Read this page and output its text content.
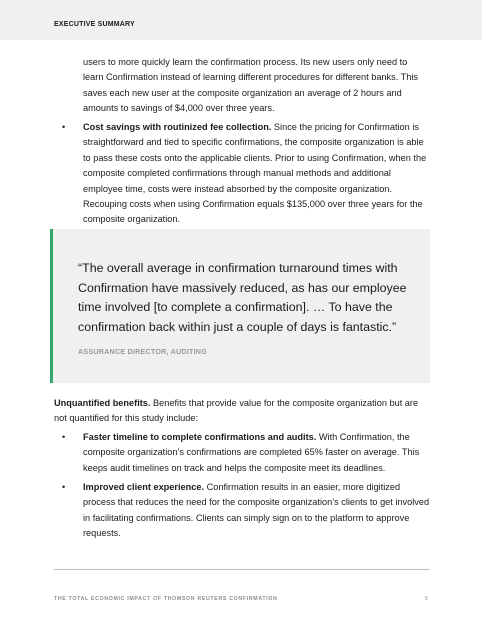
EXECUTIVE SUMMARY

users to more quickly learn the confirmation process. Its new users only need to learn Confirmation instead of learning different procedures for different banks. This saves each new user at the composite organization an average of 2 hours and amounts to savings of $4,000 over three years.

• Cost savings with routinized fee collection. Since the pricing for Confirmation is straightforward and tied to specific confirmations, the composite organization is able to pass these costs onto the applicable clients. Prior to using Confirmation, when the composite completed confirmations through manual methods and additional employee time, costs were instead absorbed by the composite organization. Recouping costs when using Confirmation equals $135,000 over three years for the composite organization.
“The overall average in confirmation turnaround times with Confirmation have massively reduced, as has our employee time involved [to complete a confirmation]. … To have the confirmation back within just a couple of days is fantastic.”
ASSURANCE DIRECTOR, AUDITING

Unquantified benefits. Benefits that provide value for the composite organization but are not quantified for this study include:

• Faster timeline to complete confirmations and audits. With Confirmation, the composite organization’s confirmations are completed 65% faster on average. This keeps audit timelines on track and helps the composite meet its deadlines.
• Improved client experience. Confirmation results in an easier, more digitized process that reduces the need for the composite organization’s clients to get involved in facilitating confirmations. Clients can simply sign on to the platform to approve requests.
THE TOTAL ECONOMIC IMPACT OF THOMSON REUTERS CONFIRMATION	5
